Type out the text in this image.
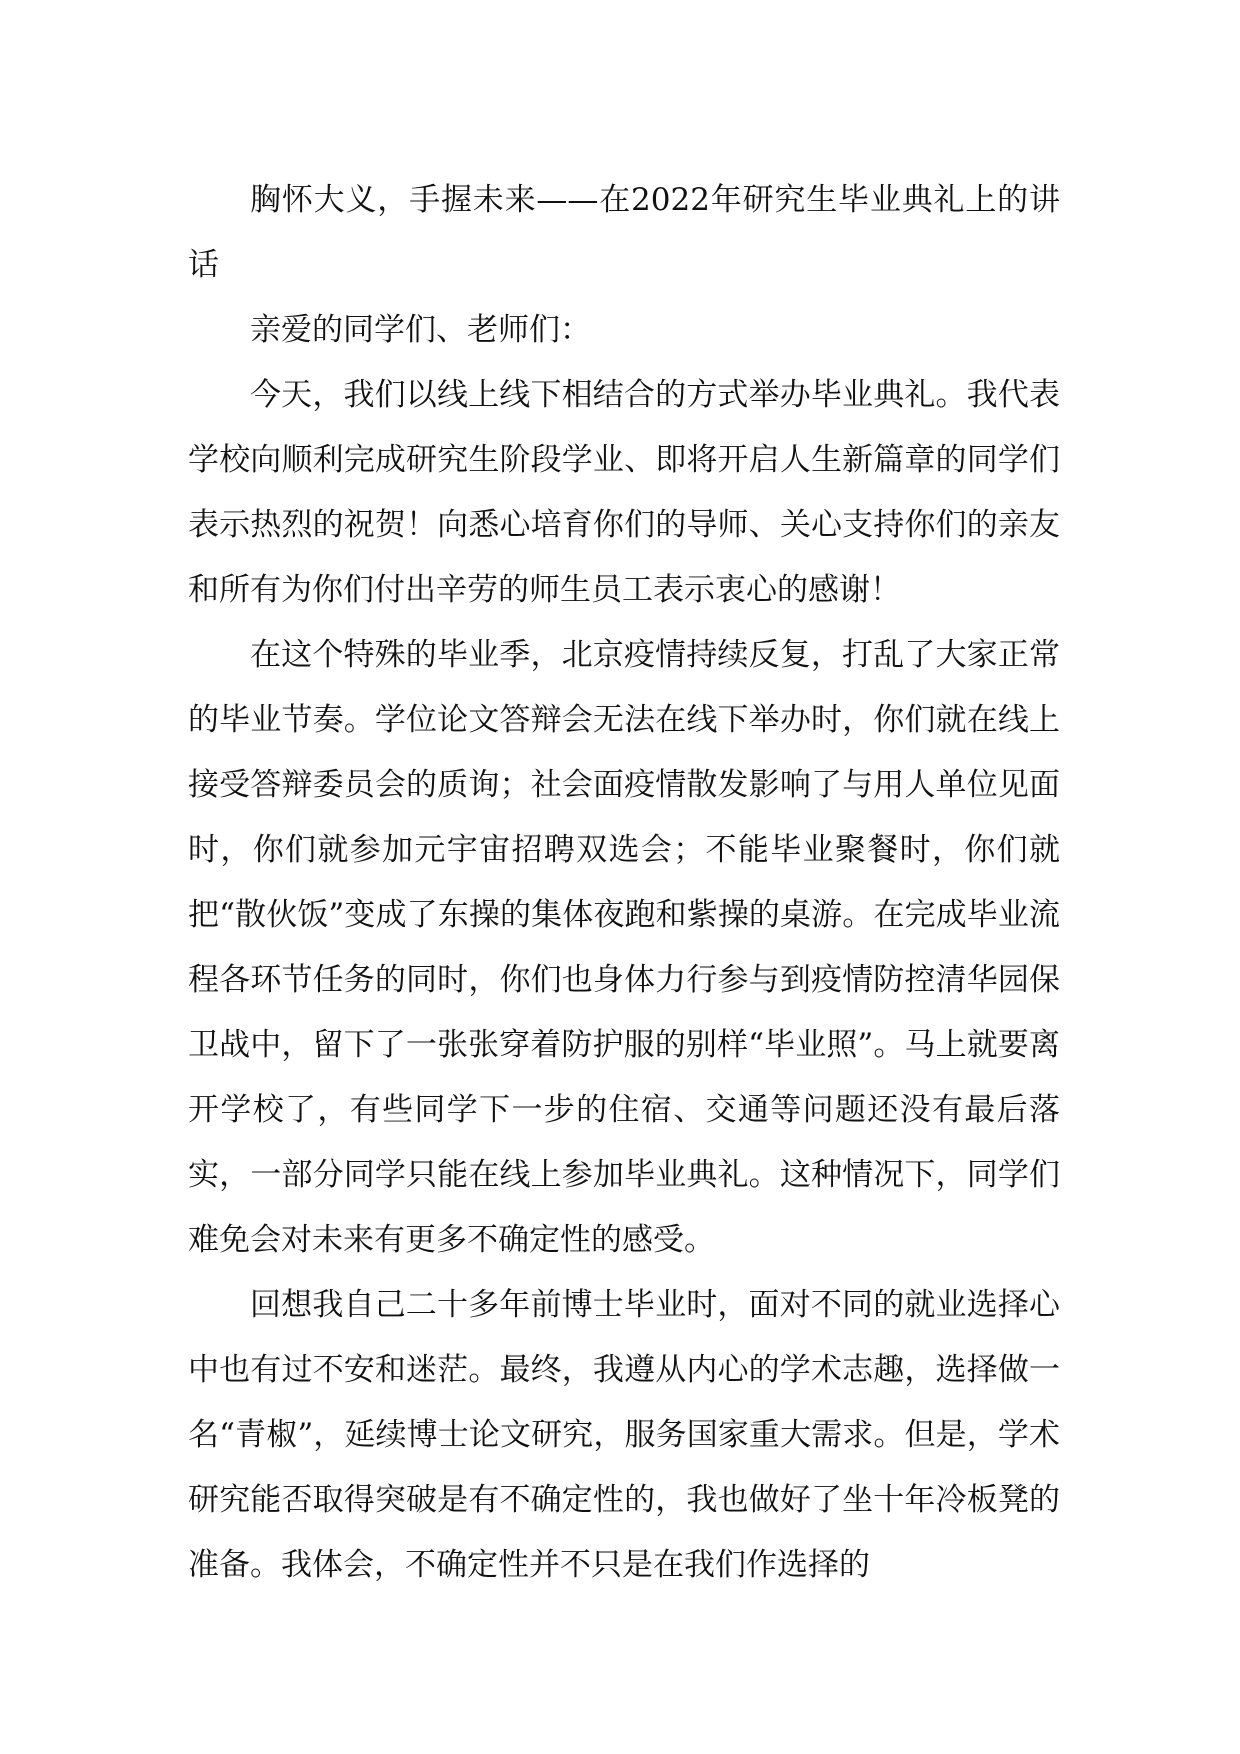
胸怀大义，手握未来——在2022年研究生毕业典礼上的讲话

亲爱的同学们、老师们：

今天，我们以线上线下相结合的方式举办毕业典礼。我代表学校向顺利完成研究生阶段学业、即将开启人生新篇章的同学们表示热烈的祝贺！向悉心培育你们的导师、关心支持你们的亲友和所有为你们付出辛劳的师生员工表示衷心的感谢！

在这个特殊的毕业季，北京疫情持续反复，打乱了大家正常的毕业节奏。学位论文答辩会无法在线下举办时，你们就在线上接受答辩委员会的质询；社会面疫情散发影响了与用人单位见面时，你们就参加元宇宙招聘双选会；不能毕业聚餐时，你们就把“散伙饭”变成了东操的集体夜跑和紫操的桌游。在完成毕业流程各环节任务的同时，你们也身体力行参与到疫情防控清华园保卫战中，留下了一张张穿着防护服的别样“毕业照”。马上就要离开学校了，有些同学下一步的住宿、交通等问题还没有最后落实，一部分同学只能在线上参加毕业典礼。这种情况下，同学们难免会对未来有更多不确定性的感受。

回想我自己二十多年前博士毕业时，面对不同的就业选择心中也有过不安和迷茫。最终，我遵从内心的学术志趣，选择做一名“青椒”，延续博士论文研究，服务国家重大需求。但是，学术研究能否取得突破是有不确定性的，我也做好了坐十年冷板凳的准备。我体会，不确定性并不只是在我们作选择的
